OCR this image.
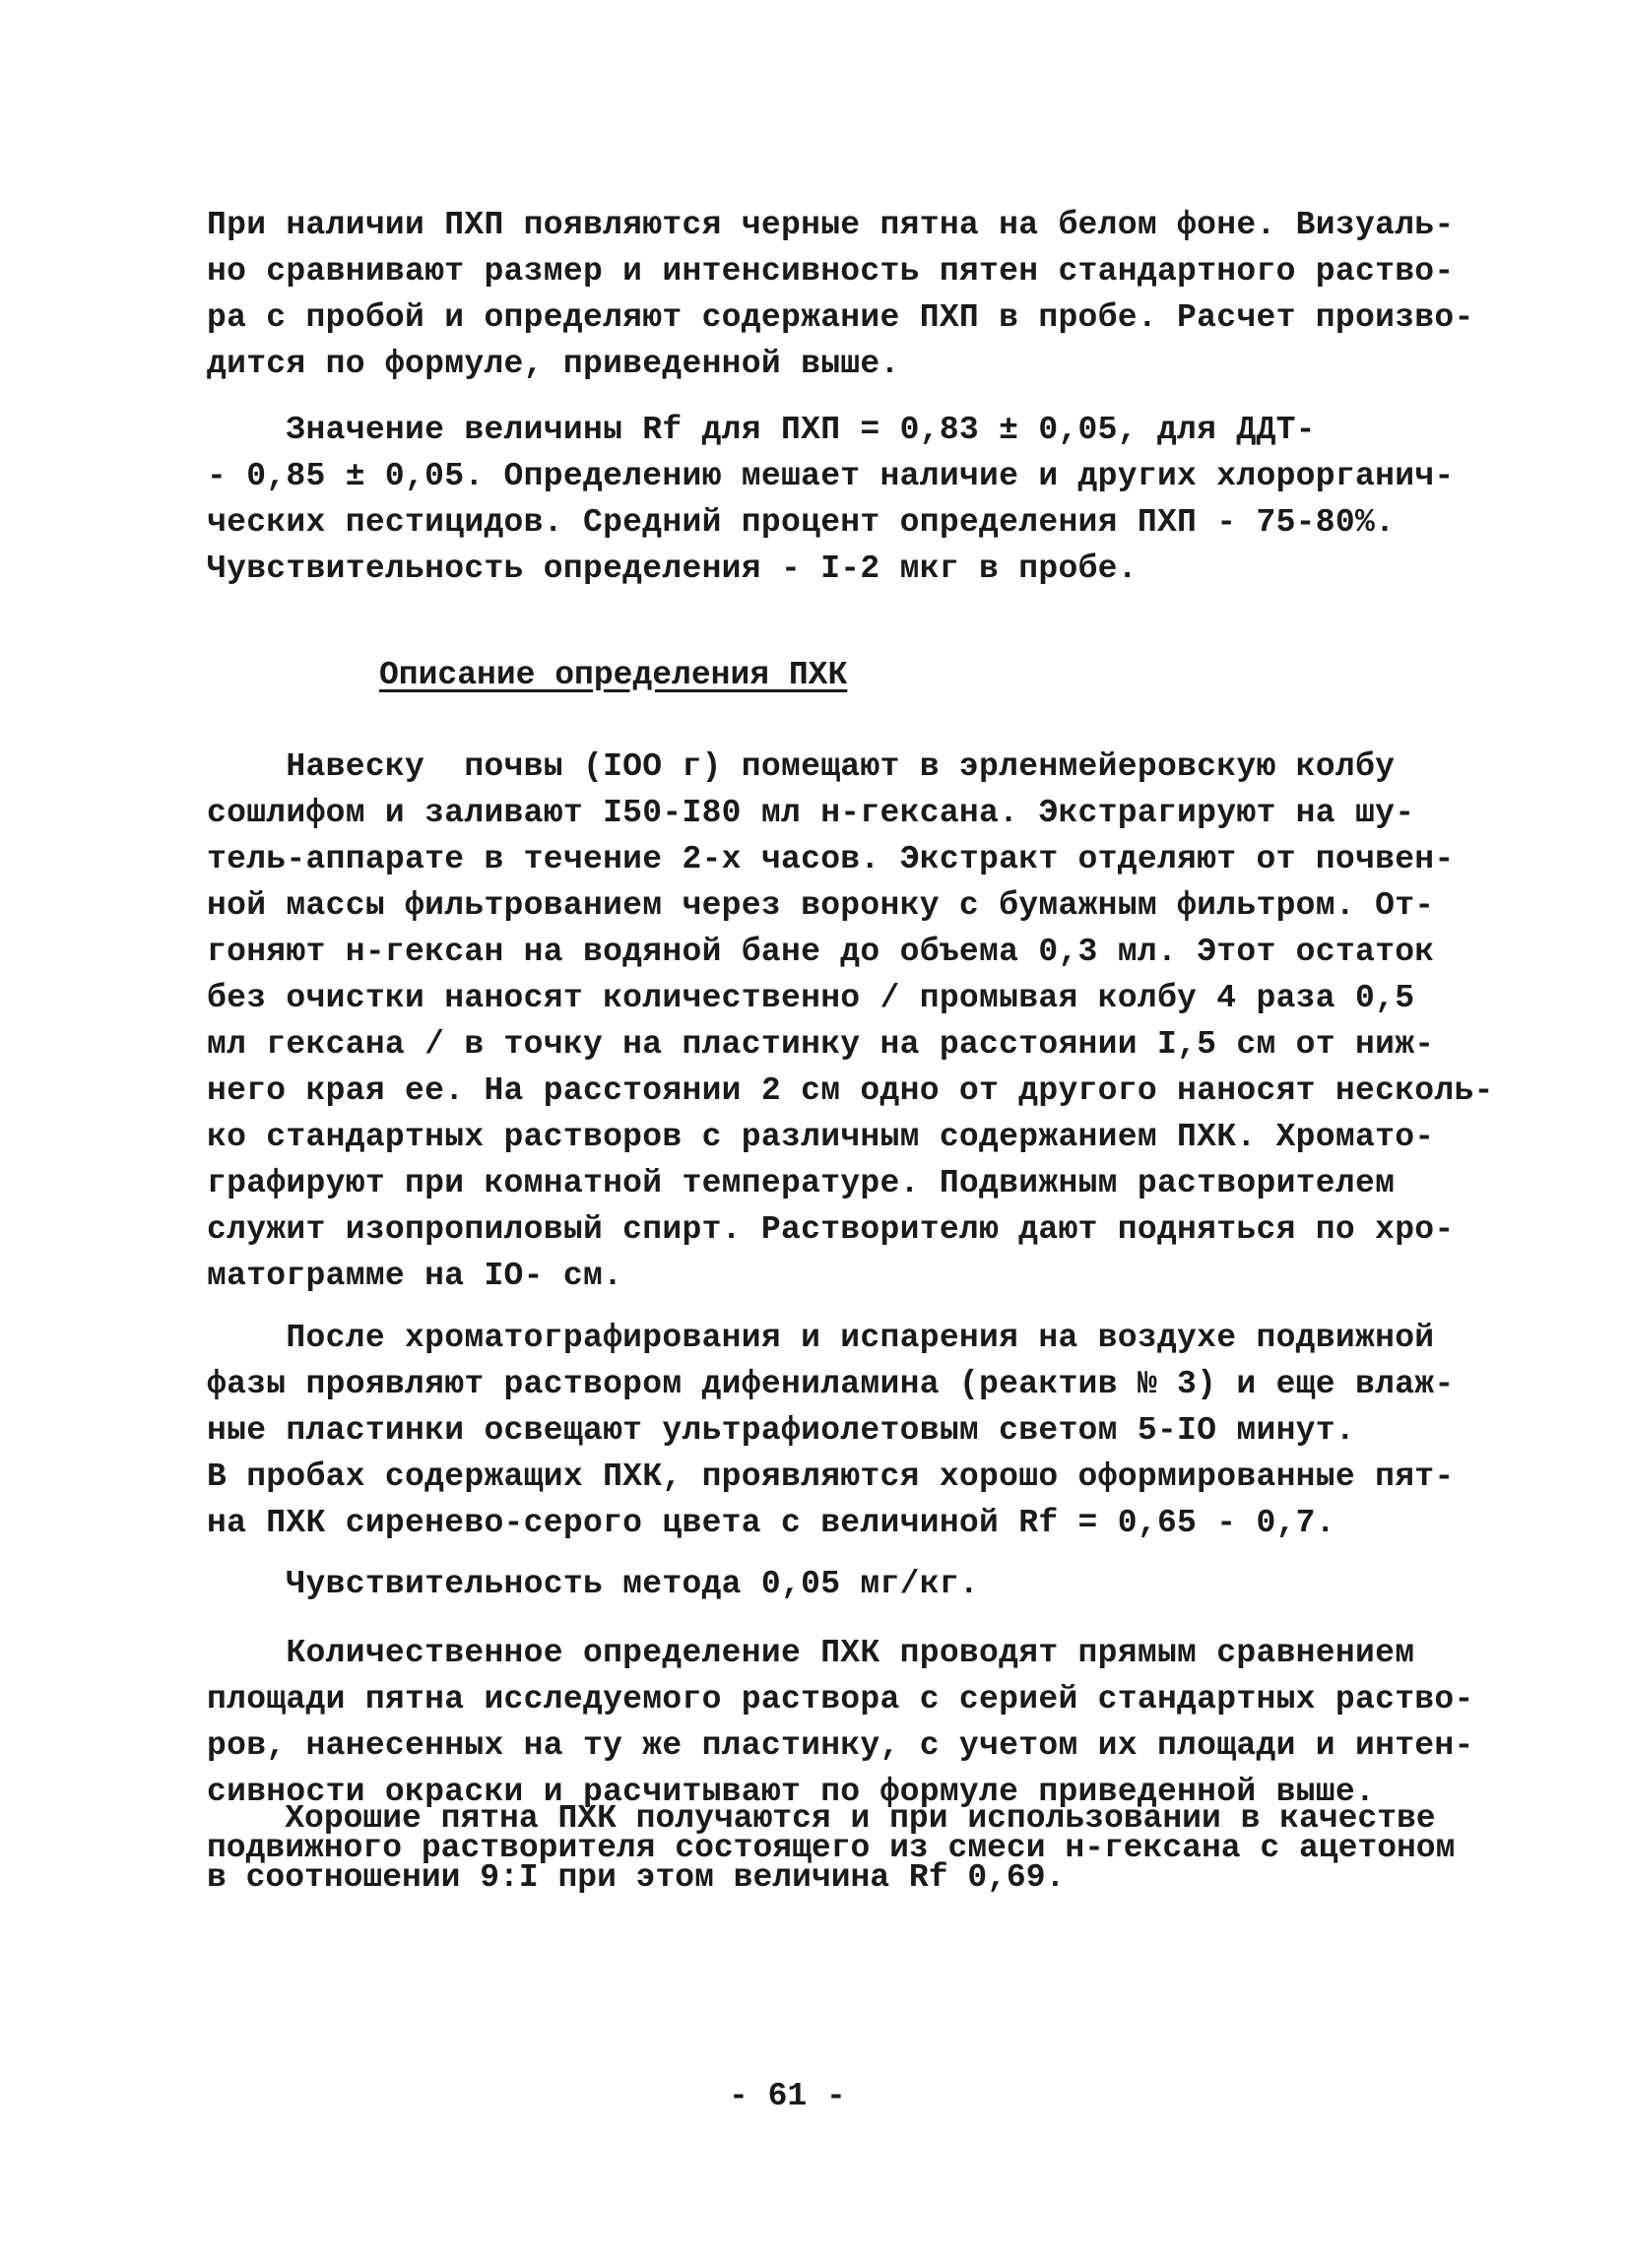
При наличии ПХП появляются черные пятна на белом фоне. Визуаль-
но сравнивают размер и интенсивность пятен стандартного раство-
ра с пробой и определяют содержание ПХП в пробе. Расчет произво-
дится по формуле, приведенной выше.
Значение величины Rf для ПХП = 0,83 ± 0,05, для ДДТ-
- 0,85 ± 0,05. Определению мешает наличие и других хлорорганич-
ческих пестицидов. Средний процент определения ПХП - 75-80%.
Чувствительность определения - I-2 мкг в пробе.
Описание определения ПХК
Навеску  почвы (IOO г) помещают в эрленмейеровскую колбу
сошлифом и заливают I50-I80 мл н-гексана. Экстрагируют на шу-
тель-аппарате в течение 2-х часов. Экстракт отделяют от почвен-
ной массы фильтрованием через воронку с бумажным фильтром. От-
гоняют н-гексан на водяной бане до объема 0,3 мл. Этот остаток
без очистки наносят количественно / промывая колбу 4 раза 0,5
мл гексана / в точку на пластинку на расстоянии I,5 см от ниж-
него края ее. На расстоянии 2 см одно от другого наносят несколь-
ко стандартных растворов с различным содержанием ПХК. Хромато-
графируют при комнатной температуре. Подвижным растворителем
служит изопропиловый спирт. Растворителю дают подняться по хро-
матограмме на IO- см.
После хроматографирования и испарения на воздухе подвижной
фазы проявляют раствором дифениламина (реактив № 3) и еще влаж-
ные пластинки освещают ультрафиолетовым светом 5-IO минут.
В пробах содержащих ПХК, проявляются хорошо оформированные пят-
на ПХК сиренево-серого цвета с величиной Rf = 0,65 - 0,7.
Чувствительность метода 0,05 мг/кг.
Количественное определение ПХК проводят прямым сравнением
площади пятна исследуемого раствора с серией стандартных раство-
ров, нанесенных на ту же пластинку, с учетом их площади и интен-
сивности окраски и расчитывают по формуле приведенной выше.
Хорошие пятна ПХК получаются и при использовании в качестве
подвижного растворителя состоящего из смеси н-гексана с ацетоном
в соотношении 9:I при этом величина Rf 0,69.
- 61 -
